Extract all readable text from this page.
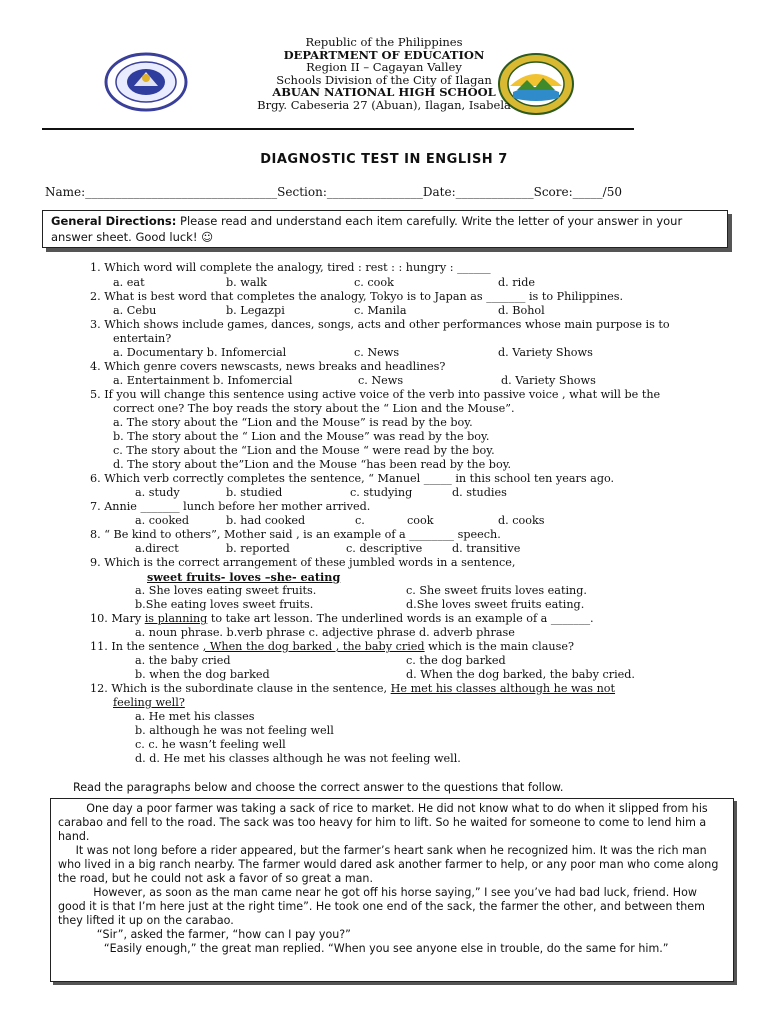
Republic of the Philippines
DEPARTMENT OF EDUCATION
Region II – Cagayan Valley
Schools Division of the City of Ilagan
ABUAN NATIONAL HIGH SCHOOL
Brgy. Cabeseria 27 (Abuan), Ilagan, Isabela
DIAGNOSTIC TEST IN ENGLISH 7
Name:________________________________Section:________________Date:_____________Score:_____/50
General Directions: Please read and understand each item carefully. Write the letter of your answer in your answer sheet. Good luck! ☺
1. Which word will complete the analogy, tired : rest : : hungry : ______
a. eat	b. walk	c. cook	d. ride
2. What is best word that completes the analogy, Tokyo is to Japan as _______ is to Philippines.
a. Cebu	b. Legazpi	c. Manila	d. Bohol
3. Which shows include games, dances, songs, acts and other performances whose main purpose is to
entertain?
a. Documentary b. Infomercial	c. News	d. Variety Shows
4. Which genre covers newscasts, news breaks and headlines?
a. Entertainment b. Infomercial	c. News	d. Variety Shows
5. If you will change this sentence using active voice of the verb into passive voice , what will be the
correct one? The boy reads the story about the “ Lion and the Mouse”.
a. The story about the “Lion and the Mouse” is read by the boy.
b. The story about the “ Lion and the Mouse” was read by the boy.
c. The story about the “Lion and the Mouse “ were read by the boy.
d. The story about the”Lion and the Mouse “has been read by the boy.
6. Which verb correctly completes the sentence, “ Manuel _____ in this school ten years ago.
a. study	b. studied	c. studying	d. studies
7. Annie _______ lunch before her mother arrived.
a. cooked	b. had cooked	c.	cook	d. cooks
8. “ Be kind to others”, Mother said , is an example of a ________ speech.
a.direct	b. reported	c. descriptive	d. transitive
9. Which is the correct arrangement of these jumbled words in a sentence,
sweet fruits- loves –she- eating
a. She loves eating sweet fruits.	c. She sweet fruits loves eating.
b.She eating loves sweet fruits.	d.She loves sweet fruits eating.
10. Mary is planning to take art lesson. The underlined words is an example of a _______.
a. noun phrase. b.verb phrase c. adjective phrase d. adverb phrase
11. In the sentence , When the dog barked , the baby cried which is the main clause?
a. the baby cried	c. the dog barked
b. when the dog barked	d. When the dog barked, the baby cried.
12. Which is the subordinate clause in the sentence, He met his classes although he was not
feeling well?
a. He met his classes
b. although he was not feeling well
c. c. he wasn’t feeling well
d. d. He met his classes although he was not feeling well.
Read the paragraphs below and choose the correct answer to the questions that follow.

One day a poor farmer was taking a sack of rice to market. He did not know what to do when it slipped from his carabao and fell to the road. The sack was too heavy for him to lift. So he waited for someone to come to lend him a hand.

It was not long before a rider appeared, but the farmer’s heart sank when he recognized him. It was the rich man who lived in a big ranch nearby. The farmer would dared ask another farmer to help, or any poor man who come along the road, but he could not ask a favor of so great a man.

However, as soon as the man came near he got off his horse saying,” I see you’ve had bad luck, friend. How good it is that I’m here just at the right time”. He took one end of the sack, the farmer the other, and between them they lifted it up on the carabao.

“Sir”, asked the farmer, “how can I pay you?”

“Easily enough,” the great man replied. “When you see anyone else in trouble, do the same for him.”
